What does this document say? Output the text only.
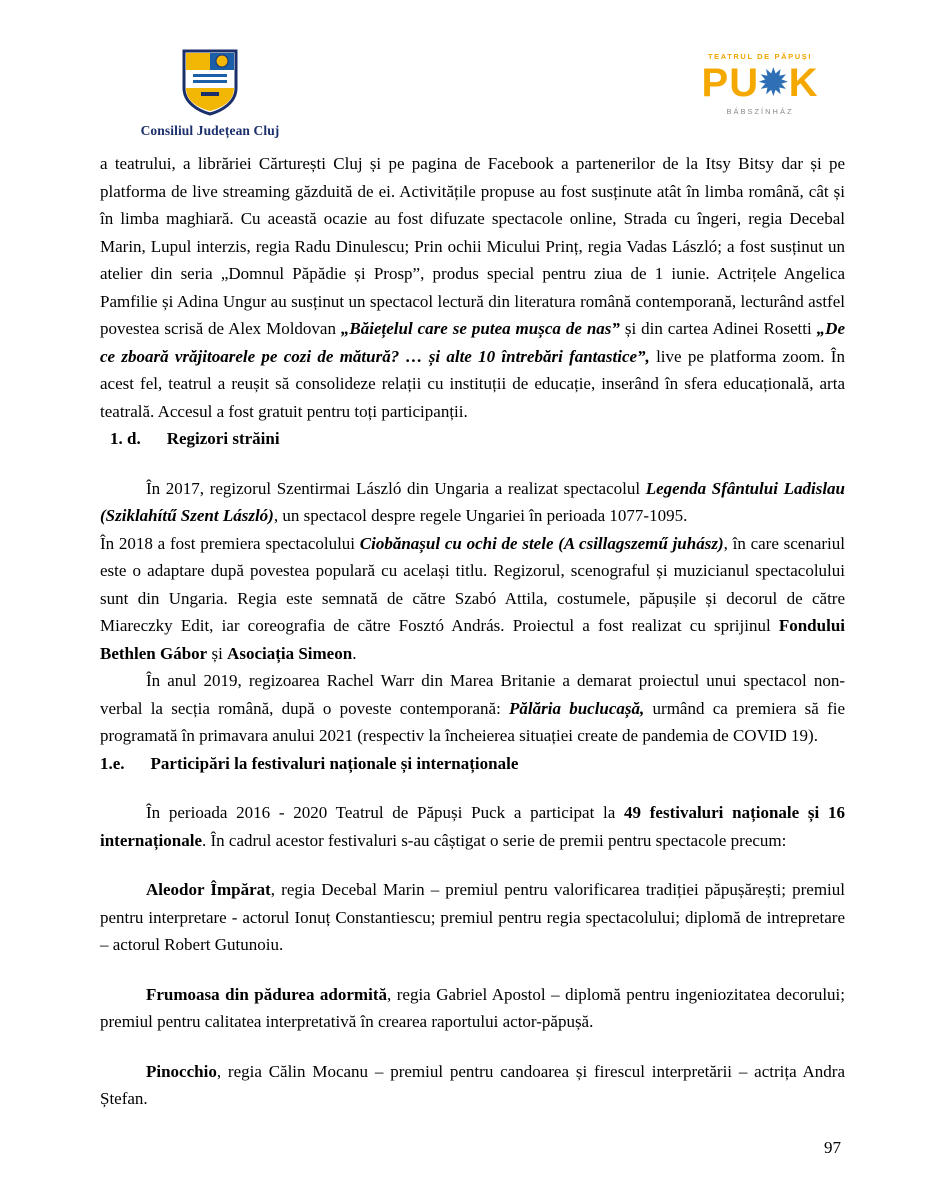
Consiliul Județean Cluj
TEATRUL DE PĂPUȘI
PU✹K
BÁBSZÍNHÁZ

a teatrului, a librăriei Cărturești Cluj și pe pagina de Facebook a partenerilor de la Itsy Bitsy dar și pe platforma de live streaming găzduită de ei. Activitățile propuse au fost susținute atât în limba română, cât și în limba maghiară. Cu această ocazie au fost difuzate spectacole online, Strada cu îngeri, regia Decebal Marin, Lupul interzis, regia Radu Dinulescu; Prin ochii Micului Prinț, regia Vadas László; a fost susținut un atelier din seria „Domnul Păpădie și Prosp”, produs special pentru ziua de 1 iunie. Actrițele Angelica Pamfilie și Adina Ungur au susținut un spectacol lectură din literatura română contemporană, lecturând astfel povestea scrisă de Alex Moldovan „Băiețelul care se putea mușca de nas” și din cartea Adinei Rosetti „De ce zboară vrăjitoarele pe cozi de mătură? … și alte 10 întrebări fantastice”, live pe platforma zoom. În acest fel, teatrul a reușit să consolideze relații cu instituții de educație, inserând în sfera educațională, arta teatrală. Accesul a fost gratuit pentru toți participanții.

1. d. Regizori străini

În 2017, regizorul Szentirmai László din Ungaria a realizat spectacolul Legenda Sfântului Ladislau (Sziklahítű Szent László), un spectacol despre regele Ungariei în perioada 1077-1095.

În 2018 a fost premiera spectacolului Ciobănașul cu ochi de stele (A csillagszemű juhász), în care scenariul este o adaptare după povestea populară cu același titlu. Regizorul, scenograful și muzicianul spectacolului sunt din Ungaria. Regia este semnată de către Szabó Attila, costumele, păpușile și decorul de către Miareczky Edit, iar coreografia de către Fosztó András. Proiectul a fost realizat cu sprijinul Fondului Bethlen Gábor și Asociația Simeon.

În anul 2019, regizoarea Rachel Warr din Marea Britanie a demarat proiectul unui spectacol non-verbal la secția română, după o poveste contemporană: Pălăria buclucașă, urmând ca premiera să fie programată în primavara anului 2021 (respectiv la încheierea situației create de pandemia de COVID 19).

1.e. Participări la festivaluri naționale și internaționale

În perioada 2016 - 2020 Teatrul de Păpuși Puck a participat la 49 festivaluri naționale și 16 internaționale. În cadrul acestor festivaluri s-au câștigat o serie de premii pentru spectacole precum:

Aleodor Împărat, regia Decebal Marin – premiul pentru valorificarea tradiției păpușărești; premiul pentru interpretare - actorul Ionuț Constantiescu; premiul pentru regia spectacolului; diplomă de intrepretare – actorul Robert Gutunoiu.

Frumoasa din pădurea adormită, regia Gabriel Apostol – diplomă pentru ingeniozitatea decorului; premiul pentru calitatea interpretativă în crearea raportului actor-păpușă.

Pinocchio, regia Călin Mocanu – premiul pentru candoarea și firescul interpretării – actrița Andra Ștefan.

97
